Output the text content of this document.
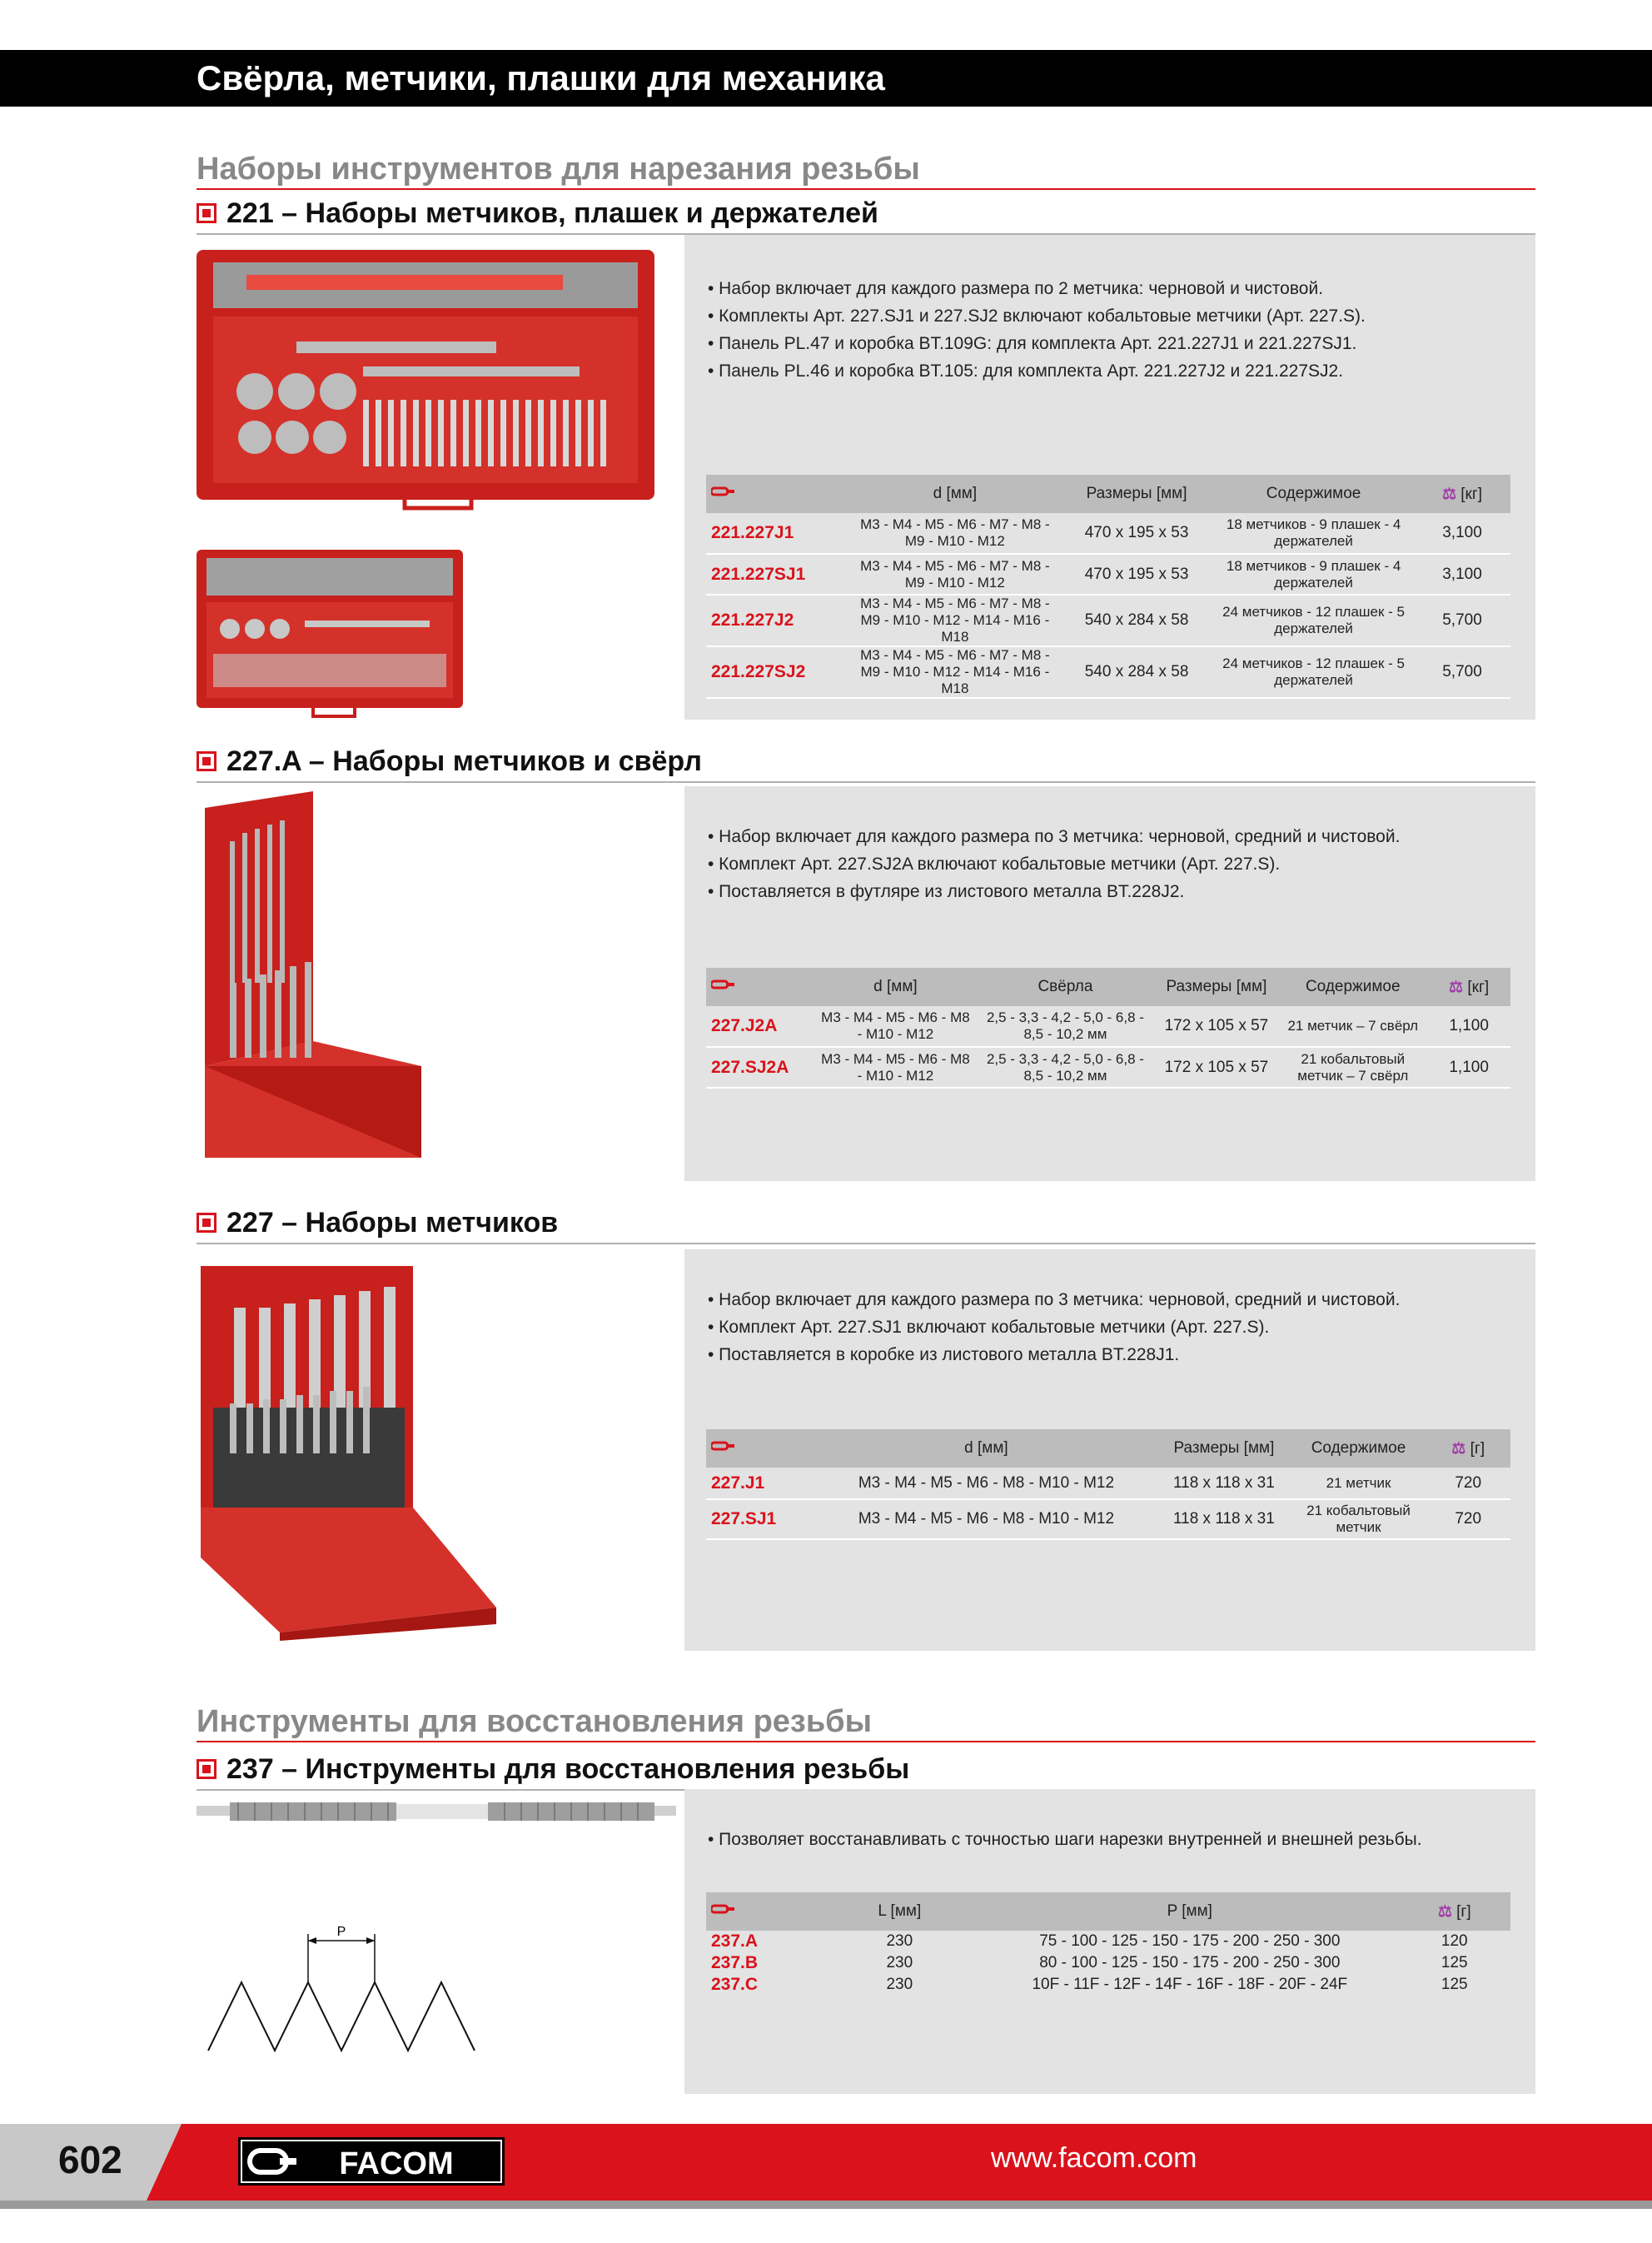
Свёрла, метчики, плашки для механика
Наборы инструментов для нарезания резьбы
221 – Наборы метчиков, плашек и держателей
• Набор включает для каждого размера по 2 метчика: черновой и чистовой.
• Комплекты Арт. 227.SJ1 и 227.SJ2 включают кобальтовые метчики (Арт. 227.S).
• Панель PL.47 и коробка BT.109G: для комплекта Арт. 221.227J1 и 221.227SJ1.
• Панель PL.46 и коробка BT.105: для комплекта Арт. 221.227J2 и 221.227SJ2.
	d [мм]	Размеры [мм]	Содержимое	⚖ [кг]
221.227J1	M3 - M4 - M5 - M6 - M7 - M8 - M9 - M10 - M12	470 x 195 x 53	18 метчиков - 9 плашек - 4 держателей	3,100
221.227SJ1	M3 - M4 - M5 - M6 - M7 - M8 - M9 - M10 - M12	470 x 195 x 53	18 метчиков - 9 плашек - 4 держателей	3,100
221.227J2	M3 - M4 - M5 - M6 - M7 - M8 - M9 - M10 - M12 - M14 - M16 - M18	540 x 284 x 58	24 метчиков - 12 плашек - 5 держателей	5,700
221.227SJ2	M3 - M4 - M5 - M6 - M7 - M8 - M9 - M10 - M12 - M14 - M16 - M18	540 x 284 x 58	24 метчиков - 12 плашек - 5 держателей	5,700
227.A – Наборы метчиков и свёрл
• Набор включает для каждого размера по 3 метчика: черновой, средний и чистовой.
• Комплект Арт. 227.SJ2A включают кобальтовые метчики (Арт. 227.S).
• Поставляется в футляре из листового металла BT.228J2.
	d [мм]	Свёрла	Размеры [мм]	Содержимое	⚖ [кг]
227.J2A	M3 - M4 - M5 - M6 - M8 - M10 - M12	2,5 - 3,3 - 4,2 - 5,0 - 6,8 - 8,5 - 10,2 мм	172 x 105 x 57	21 метчик – 7 свёрл	1,100
227.SJ2A	M3 - M4 - M5 - M6 - M8 - M10 - M12	2,5 - 3,3 - 4,2 - 5,0 - 6,8 - 8,5 - 10,2 мм	172 x 105 x 57	21 кобальтовый метчик – 7 свёрл	1,100
227 – Наборы метчиков
• Набор включает для каждого размера по 3 метчика: черновой, средний и чистовой.
• Комплект Арт. 227.SJ1 включают кобальтовые метчики (Арт. 227.S).
• Поставляется в коробке из листового металла BT.228J1.
	d [мм]	Размеры [мм]	Содержимое	⚖ [г]
227.J1	M3 - M4 - M5 - M6 - M8 - M10 - M12	118 x 118 x 31	21 метчик	720
227.SJ1	M3 - M4 - M5 - M6 - M8 - M10 - M12	118 x 118 x 31	21 кобальтовый метчик	720
Инструменты для восстановления резьбы
237 – Инструменты для восстановления резьбы
P
• Позволяет восстанавливать с точностью шаги нарезки внутренней и внешней резьбы.
	L [мм]	P [мм]	⚖ [г]
237.A	230	75 - 100 - 125 - 150 - 175 - 200 - 250 - 300	120
237.B	230	80 - 100 - 125 - 150 - 175 - 200 - 250 - 300	125
237.C	230	10F - 11F - 12F - 14F - 16F - 18F - 20F - 24F	125
602	FACOM	www.facom.com
